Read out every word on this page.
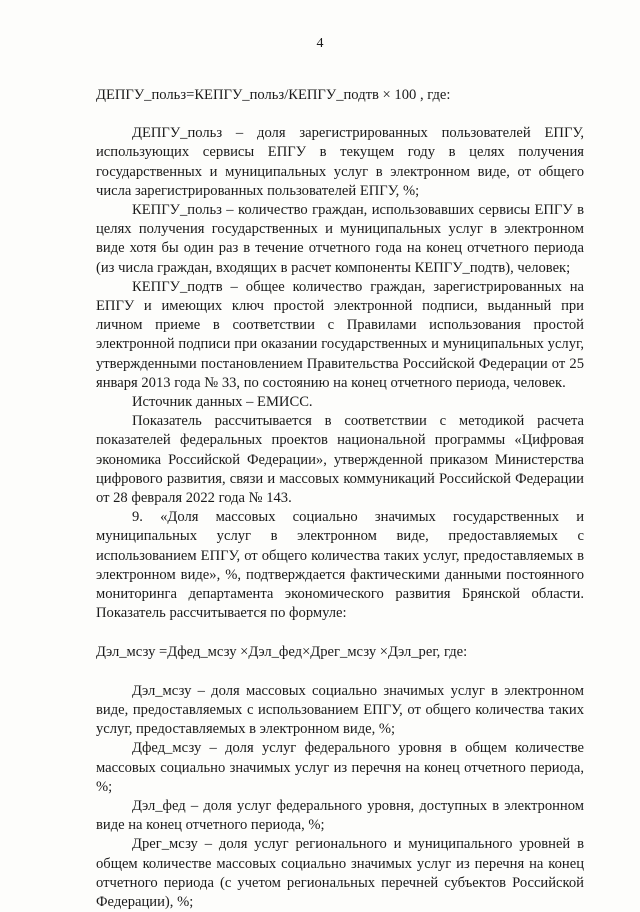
4

ДЕПГУ_польз=КЕПГУ_польз/КЕПГУ_подтв × 100 , где:

ДЕПГУ_польз – доля зарегистрированных пользователей ЕПГУ, использующих сервисы ЕПГУ в текущем году в целях получения государственных и муниципальных услуг в электронном виде, от общего числа зарегистрированных пользователей ЕПГУ, %;

КЕПГУ_польз – количество граждан, использовавших сервисы ЕПГУ в целях получения государственных и муниципальных услуг в электронном виде хотя бы один раз в течение отчетного года на конец отчетного периода (из числа граждан, входящих в расчет компоненты КЕПГУ_подтв), человек;

КЕПГУ_подтв – общее количество граждан, зарегистрированных на ЕПГУ и имеющих ключ простой электронной подписи, выданный при личном приеме в соответствии с Правилами использования простой электронной подписи при оказании государственных и муниципальных услуг, утвержденными постановлением Правительства Российской Федерации от 25 января 2013 года № 33, по состоянию на конец отчетного периода, человек.

Источник данных – ЕМИСС.

Показатель рассчитывается в соответствии с методикой расчета показателей федеральных проектов национальной программы «Цифровая экономика Российской Федерации», утвержденной приказом Министерства цифрового развития, связи и массовых коммуникаций Российской Федерации от 28 февраля 2022 года № 143.

9. «Доля массовых социально значимых государственных и муниципальных услуг в электронном виде, предоставляемых с использованием ЕПГУ, от общего количества таких услуг, предоставляемых в электронном виде», %, подтверждается фактическими данными постоянного мониторинга департамента экономического развития Брянской области. Показатель рассчитывается по формуле:

Дэл_мсзу =Дфед_мсзу ×Дэл_фед×Дрег_мсзу ×Дэл_рег, где:

Дэл_мсзу – доля массовых социально значимых услуг в электронном виде, предоставляемых с использованием ЕПГУ, от общего количества таких услуг, предоставляемых в электронном виде, %;

Дфед_мсзу – доля услуг федерального уровня в общем количестве массовых социально значимых услуг из перечня на конец отчетного периода, %;

Дэл_фед – доля услуг федерального уровня, доступных в электронном виде на конец отчетного периода, %;

Дрег_мсзу – доля услуг регионального и муниципального уровней в общем количестве массовых социально значимых услуг из перечня на конец отчетного периода (с учетом региональных перечней субъектов Российской Федерации), %;
